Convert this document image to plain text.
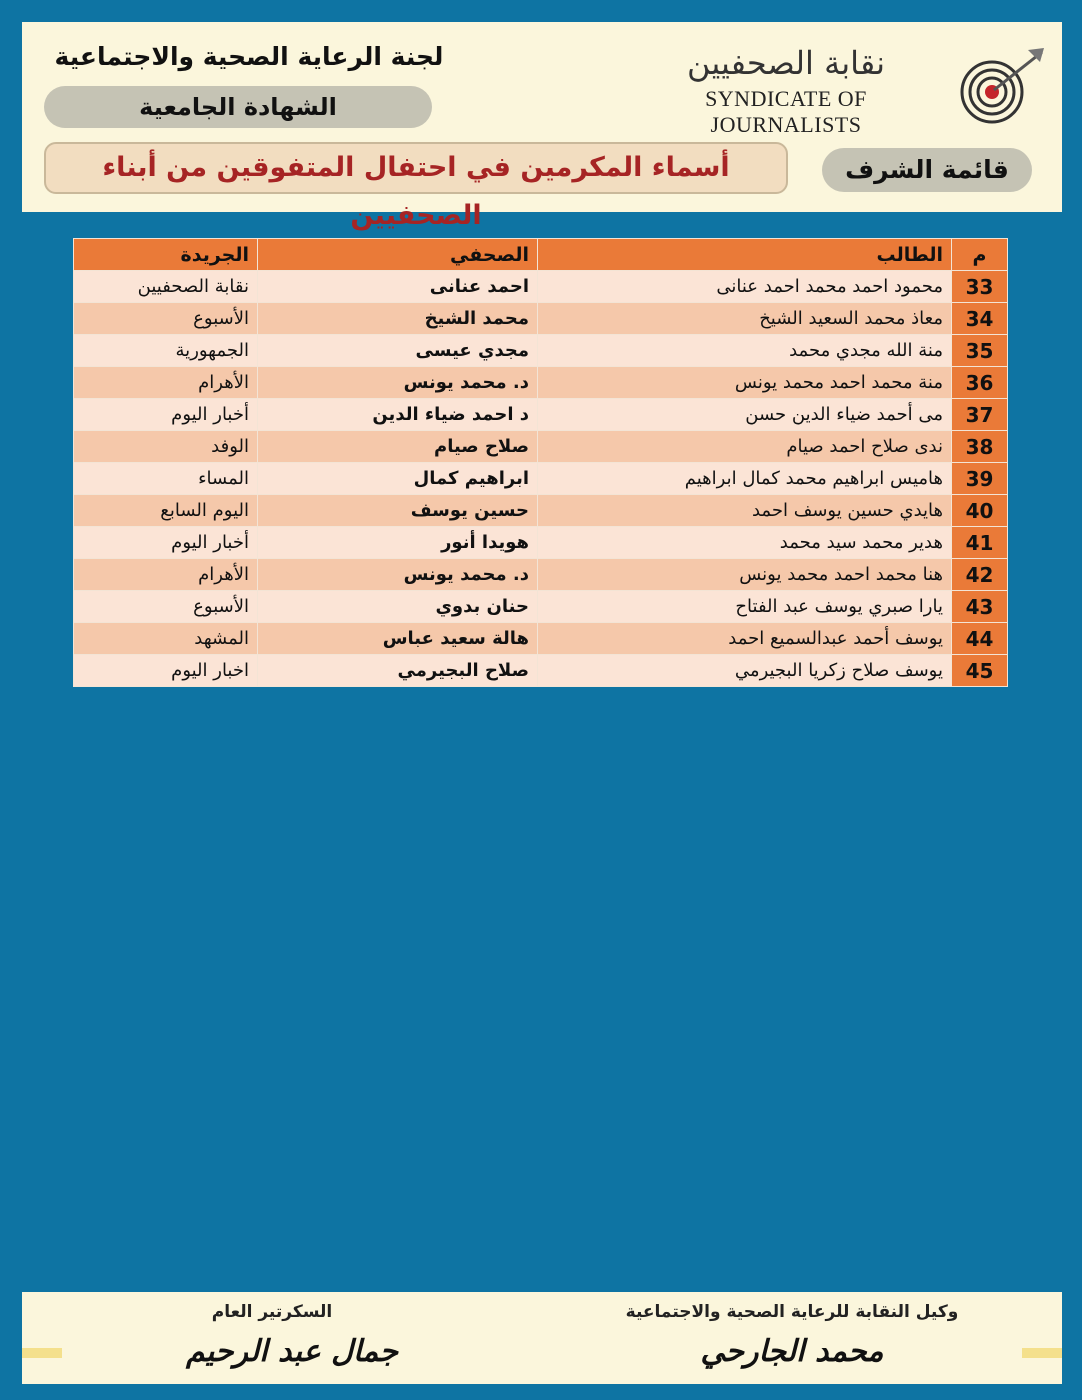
لجنة الرعاية الصحية والاجتماعية
الشهادة الجامعية
نقابة الصحفيين
SYNDICATE OF JOURNALISTS
أسماء المكرمين في احتفال المتفوقين من أبناء الصحفيين
قائمة الشرف
م	الطالب	الصحفي	الجريدة
33	محمود احمد محمد احمد عنانى	احمد عنانى	نقابة الصحفيين
34	معاذ محمد السعيد الشيخ	محمد الشيخ	الأسبوع
35	منة الله مجدي محمد	مجدي عيسى	الجمهورية
36	منة محمد احمد محمد يونس	د. محمد يونس	الأهرام
37	مى أحمد ضياء الدين حسن	د احمد ضياء الدين	أخبار اليوم
38	ندى صلاح احمد صيام	صلاح صيام	الوفد
39	هاميس ابراهيم محمد كمال ابراهيم	ابراهيم كمال	المساء
40	هايدي حسين يوسف احمد	حسين يوسف	اليوم السابع
41	هدير محمد سيد محمد	هويدا أنور	أخبار اليوم
42	هنا محمد احمد محمد يونس	د. محمد يونس	الأهرام
43	يارا صبري يوسف عبد الفتاح	حنان بدوي	الأسبوع
44	يوسف أحمد عبدالسميع احمد	هالة سعيد عباس	المشهد
45	يوسف صلاح زكريا البجيرمي	صلاح البجيرمي	اخبار اليوم
وكيل النقابة للرعاية الصحية والاجتماعية
محمد الجارحي
السكرتير العام
جمال عبد الرحيم
